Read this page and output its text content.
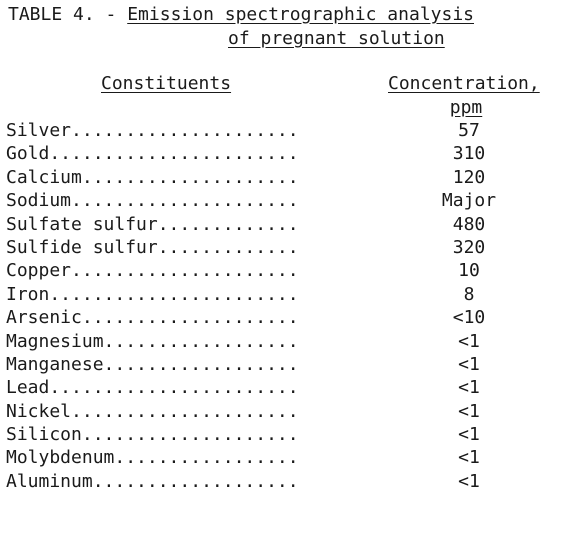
TABLE 4. - Emission spectrographic analysis
of pregnant solution
Constituents	Concentration,
ppm
Silver.....................	57
Gold.......................	310
Calcium....................	120
Sodium.....................	Major
Sulfate sulfur.............	480
Sulfide sulfur.............	320
Copper.....................	10
Iron.......................	8
Arsenic....................	<10
Magnesium..................	<1
Manganese..................	<1
Lead.......................	<1
Nickel.....................	<1
Silicon....................	<1
Molybdenum.................	<1
Aluminum...................	<1
